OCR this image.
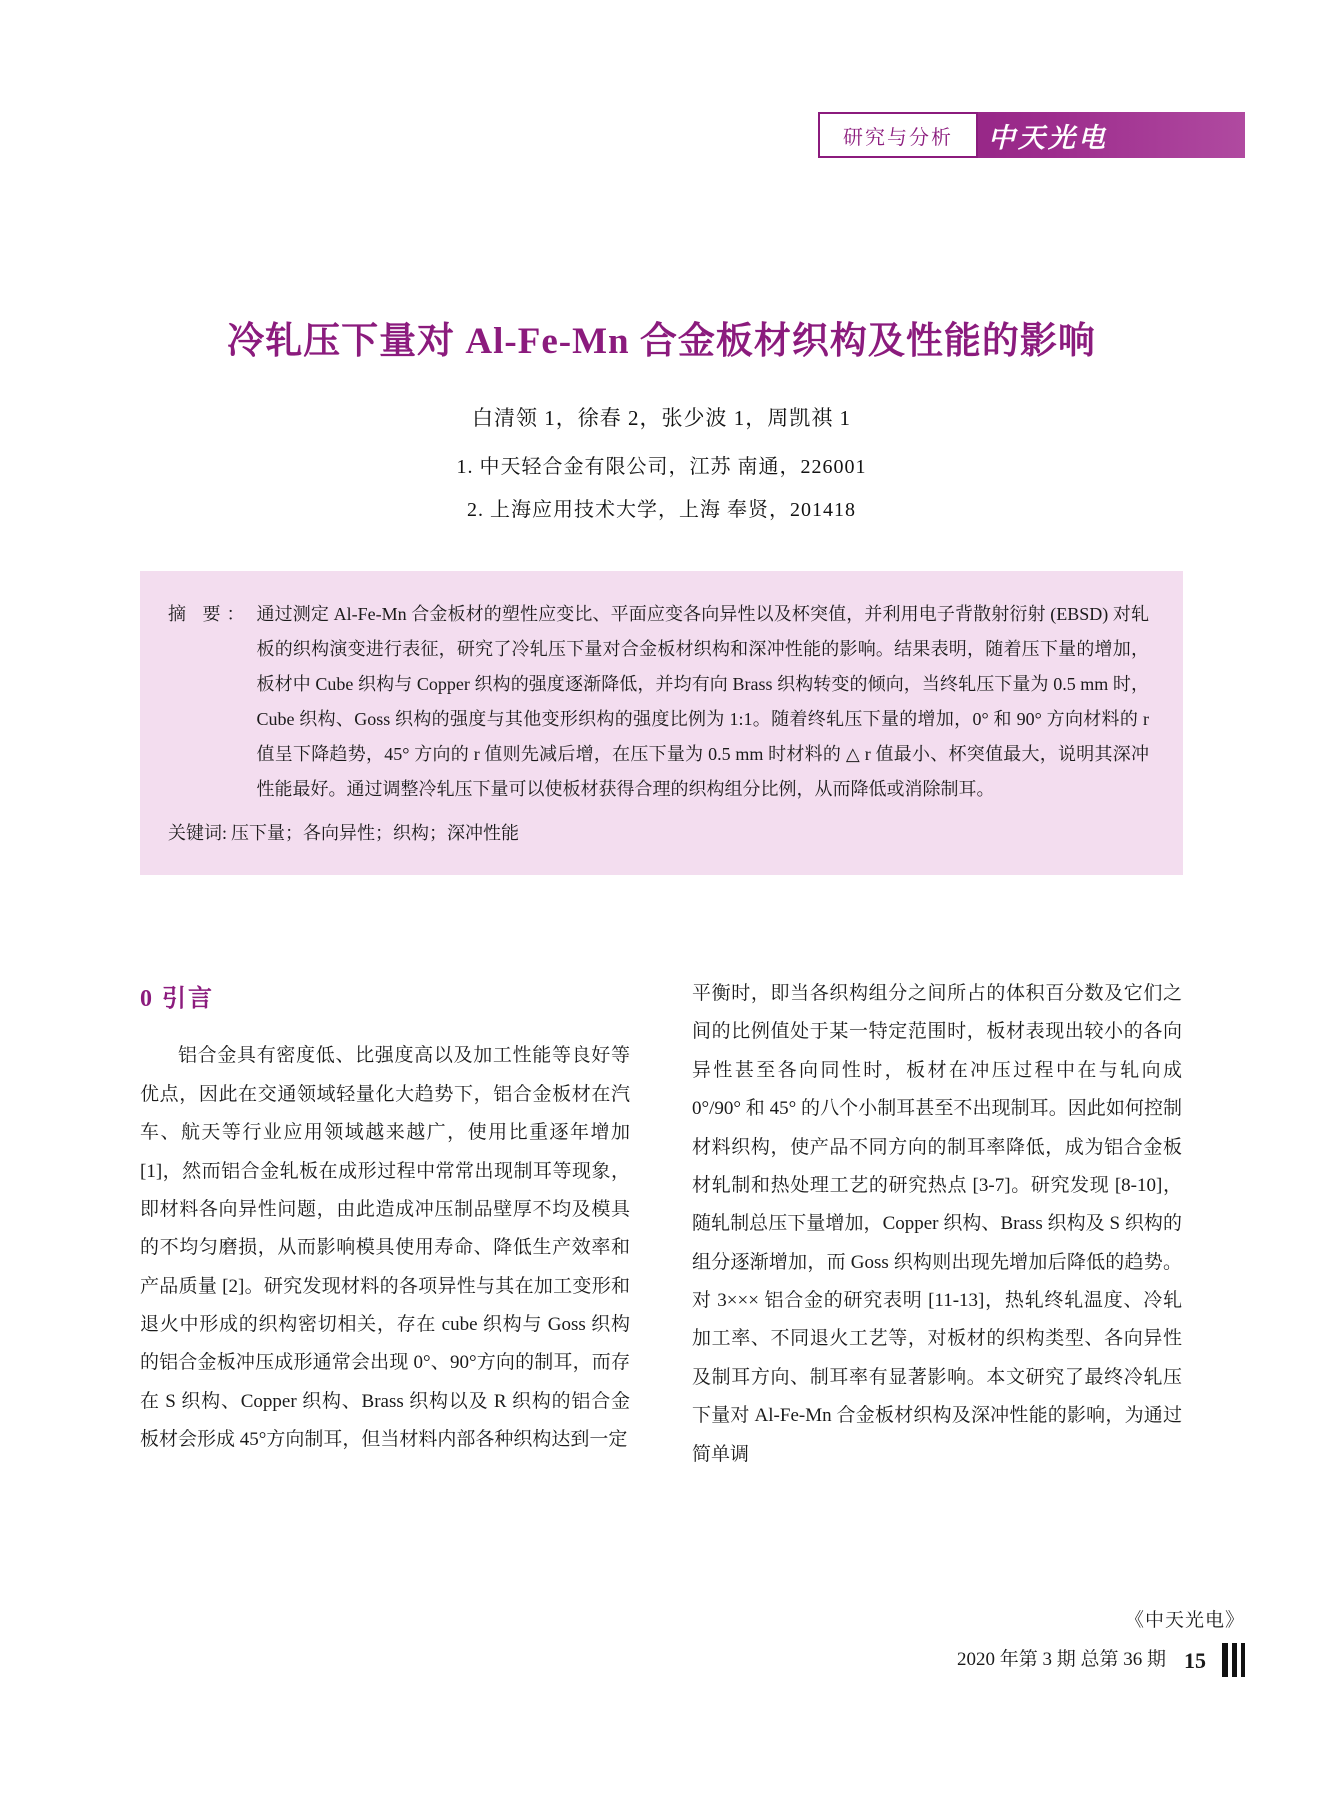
研究与分析	中天光电
冷轧压下量对 Al-Fe-Mn 合金板材织构及性能的影响
白清领 1，徐春 2，张少波 1，周凯祺 1
1. 中天轻合金有限公司，江苏 南通，226001
2. 上海应用技术大学，上海 奉贤，201418
摘 要： 通过测定 Al-Fe-Mn 合金板材的塑性应变比、平面应变各向异性以及杯突值，并利用电子背散射衍射 (EBSD) 对轧板的织构演变进行表征，研究了冷轧压下量对合金板材织构和深冲性能的影响。结果表明，随着压下量的增加，板材中 Cube 织构与 Copper 织构的强度逐渐降低，并均有向 Brass 织构转变的倾向，当终轧压下量为 0.5 mm 时，Cube 织构、Goss 织构的强度与其他变形织构的强度比例为 1:1。随着终轧压下量的增加，0° 和 90° 方向材料的 r 值呈下降趋势，45° 方向的 r 值则先减后增，在压下量为 0.5 mm 时材料的 △ r 值最小、杯突值最大，说明其深冲性能最好。通过调整冷轧压下量可以使板材获得合理的织构组分比例，从而降低或消除制耳。
关键词: 压下量；各向异性；织构；深冲性能
0 引言

铝合金具有密度低、比强度高以及加工性能等良好等优点，因此在交通领域轻量化大趋势下，铝合金板材在汽车、航天等行业应用领域越来越广，使用比重逐年增加 [1]，然而铝合金轧板在成形过程中常常出现制耳等现象，即材料各向异性问题，由此造成冲压制品壁厚不均及模具的不均匀磨损，从而影响模具使用寿命、降低生产效率和产品质量 [2]。研究发现材料的各项异性与其在加工变形和退火中形成的织构密切相关，存在 cube 织构与 Goss 织构的铝合金板冲压成形通常会出现 0°、90°方向的制耳，而存在 S 织构、Copper 织构、Brass 织构以及 R 织构的铝合金板材会形成 45°方向制耳，但当材料内部各种织构达到一定

平衡时，即当各织构组分之间所占的体积百分数及它们之间的比例值处于某一特定范围时，板材表现出较小的各向异性甚至各向同性时，板材在冲压过程中在与轧向成 0°/90° 和 45° 的八个小制耳甚至不出现制耳。因此如何控制材料织构，使产品不同方向的制耳率降低，成为铝合金板材轧制和热处理工艺的研究热点 [3-7]。研究发现 [8-10]，随轧制总压下量增加，Copper 织构、Brass 织构及 S 织构的组分逐渐增加，而 Goss 织构则出现先增加后降低的趋势。对 3××× 铝合金的研究表明 [11-13]，热轧终轧温度、冷轧加工率、不同退火工艺等，对板材的织构类型、各向异性及制耳方向、制耳率有显著影响。本文研究了最终冷轧压下量对 Al-Fe-Mn 合金板材织构及深冲性能的影响，为通过简单调

《中天光电》
2020 年第 3 期 总第 36 期 15
